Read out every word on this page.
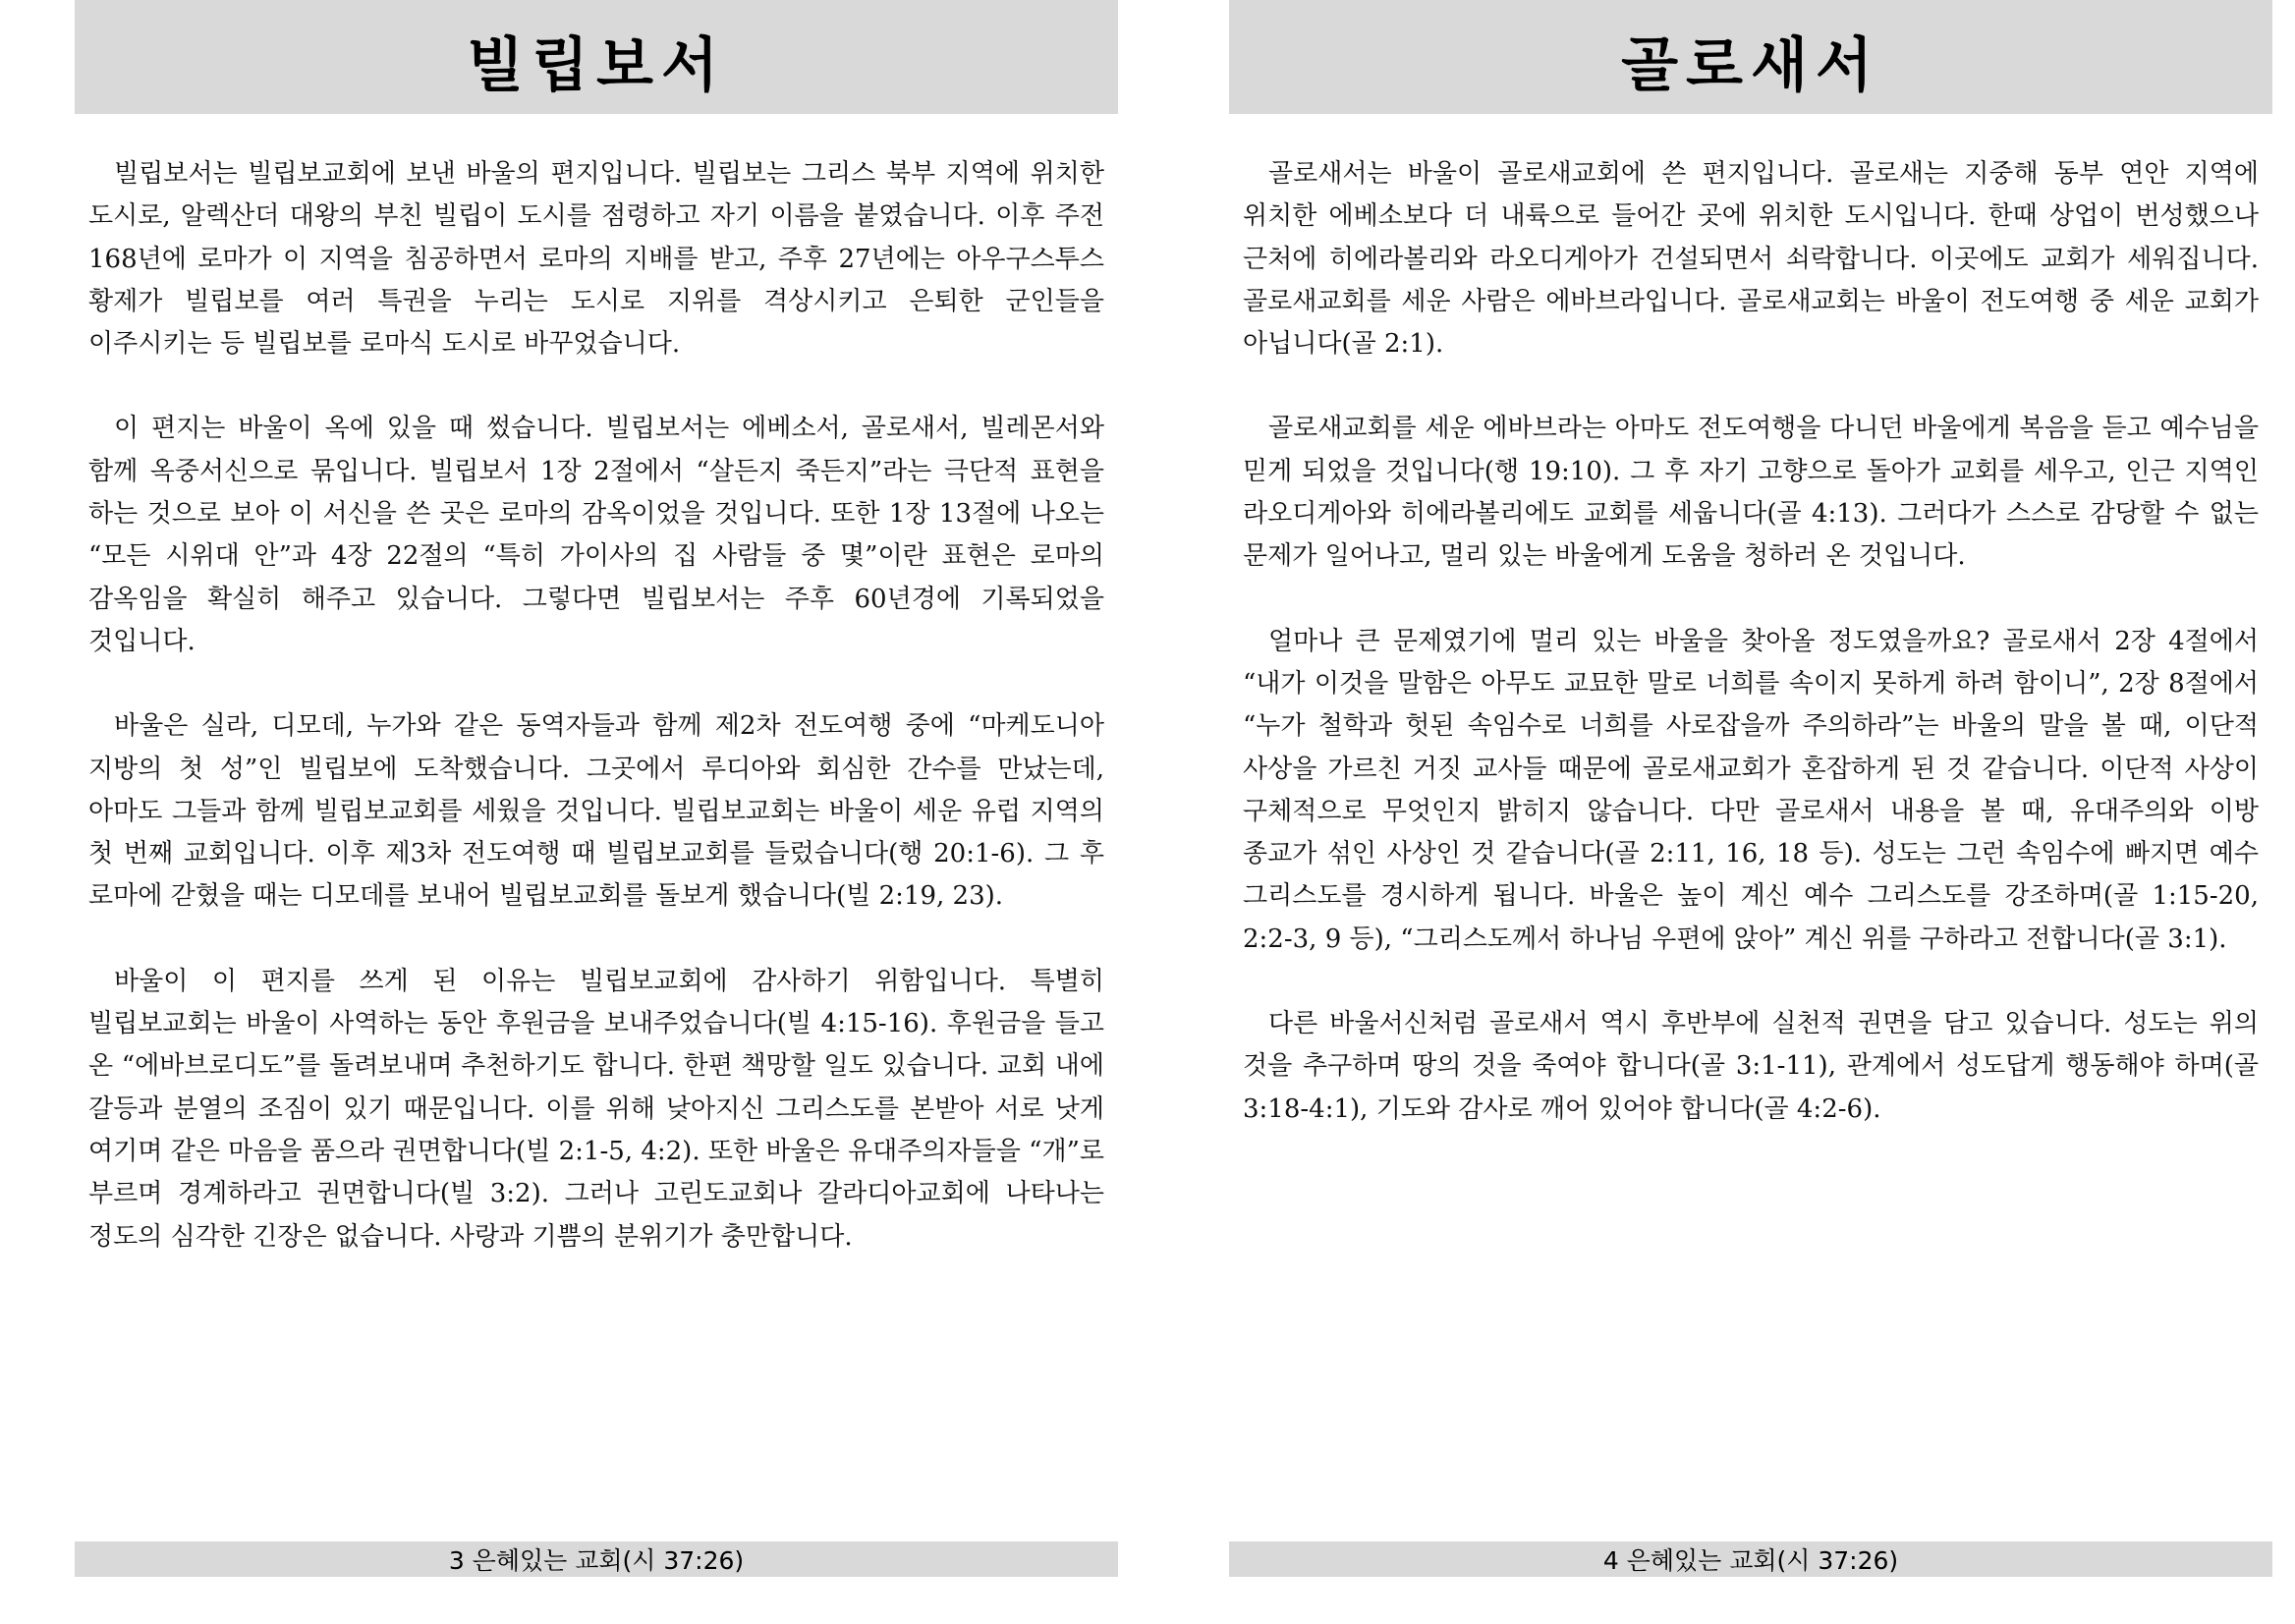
빌립보서

빌립보서는 빌립보교회에 보낸 바울의 편지입니다. 빌립보는 그리스 북부 지역에 위치한 도시로, 알렉산더 대왕의 부친 빌립이 도시를 점령하고 자기 이름을 붙였습니다. 이후 주전 168년에 로마가 이 지역을 침공하면서 로마의 지배를 받고, 주후 27년에는 아우구스투스 황제가 빌립보를 여러 특권을 누리는 도시로 지위를 격상시키고 은퇴한 군인들을 이주시키는 등 빌립보를 로마식 도시로 바꾸었습니다.

이 편지는 바울이 옥에 있을 때 썼습니다. 빌립보서는 에베소서, 골로새서, 빌레몬서와 함께 옥중서신으로 묶입니다. 빌립보서 1장 2절에서 “살든지 죽든지”라는 극단적 표현을 하는 것으로 보아 이 서신을 쓴 곳은 로마의 감옥이었을 것입니다. 또한 1장 13절에 나오는 “모든 시위대 안”과 4장 22절의 “특히 가이사의 집 사람들 중 몇”이란 표현은 로마의 감옥임을 확실히 해주고 있습니다. 그렇다면 빌립보서는 주후 60년경에 기록되었을 것입니다.

바울은 실라, 디모데, 누가와 같은 동역자들과 함께 제2차 전도여행 중에 “마케도니아 지방의 첫 성”인 빌립보에 도착했습니다. 그곳에서 루디아와 회심한 간수를 만났는데, 아마도 그들과 함께 빌립보교회를 세웠을 것입니다. 빌립보교회는 바울이 세운 유럽 지역의 첫 번째 교회입니다. 이후 제3차 전도여행 때 빌립보교회를 들렀습니다(행 20:1-6). 그 후 로마에 갇혔을 때는 디모데를 보내어 빌립보교회를 돌보게 했습니다(빌 2:19, 23).

바울이 이 편지를 쓰게 된 이유는 빌립보교회에 감사하기 위함입니다. 특별히 빌립보교회는 바울이 사역하는 동안 후원금을 보내주었습니다(빌 4:15-16). 후원금을 들고 온 “에바브로디도”를 돌려보내며 추천하기도 합니다. 한편 책망할 일도 있습니다. 교회 내에 갈등과 분열의 조짐이 있기 때문입니다. 이를 위해 낮아지신 그리스도를 본받아 서로 낫게 여기며 같은 마음을 품으라 권면합니다(빌 2:1-5, 4:2). 또한 바울은 유대주의자들을 “개”로 부르며 경계하라고 권면합니다(빌 3:2). 그러나 고린도교회나 갈라디아교회에 나타나는 정도의 심각한 긴장은 없습니다. 사랑과 기쁨의 분위기가 충만합니다.

3 은혜있는 교회(시 37:26)
골로새서

골로새서는 바울이 골로새교회에 쓴 편지입니다. 골로새는 지중해 동부 연안 지역에 위치한 에베소보다 더 내륙으로 들어간 곳에 위치한 도시입니다. 한때 상업이 번성했으나 근처에 히에라볼리와 라오디게아가 건설되면서 쇠락합니다. 이곳에도 교회가 세워집니다. 골로새교회를 세운 사람은 에바브라입니다. 골로새교회는 바울이 전도여행 중 세운 교회가 아닙니다(골 2:1).

골로새교회를 세운 에바브라는 아마도 전도여행을 다니던 바울에게 복음을 듣고 예수님을 믿게 되었을 것입니다(행 19:10). 그 후 자기 고향으로 돌아가 교회를 세우고, 인근 지역인 라오디게아와 히에라볼리에도 교회를 세웁니다(골 4:13). 그러다가 스스로 감당할 수 없는 문제가 일어나고, 멀리 있는 바울에게 도움을 청하러 온 것입니다.

얼마나 큰 문제였기에 멀리 있는 바울을 찾아올 정도였을까요? 골로새서 2장 4절에서 “내가 이것을 말함은 아무도 교묘한 말로 너희를 속이지 못하게 하려 함이니”, 2장 8절에서 “누가 철학과 헛된 속임수로 너희를 사로잡을까 주의하라”는 바울의 말을 볼 때, 이단적 사상을 가르친 거짓 교사들 때문에 골로새교회가 혼잡하게 된 것 같습니다. 이단적 사상이 구체적으로 무엇인지 밝히지 않습니다. 다만 골로새서 내용을 볼 때, 유대주의와 이방 종교가 섞인 사상인 것 같습니다(골 2:11, 16, 18 등). 성도는 그런 속임수에 빠지면 예수 그리스도를 경시하게 됩니다. 바울은 높이 계신 예수 그리스도를 강조하며(골 1:15-20, 2:2-3, 9 등), “그리스도께서 하나님 우편에 앉아” 계신 위를 구하라고 전합니다(골 3:1).

다른 바울서신처럼 골로새서 역시 후반부에 실천적 권면을 담고 있습니다. 성도는 위의 것을 추구하며 땅의 것을 죽여야 합니다(골 3:1-11), 관계에서 성도답게 행동해야 하며(골 3:18-4:1), 기도와 감사로 깨어 있어야 합니다(골 4:2-6).

4 은혜있는 교회(시 37:26)
